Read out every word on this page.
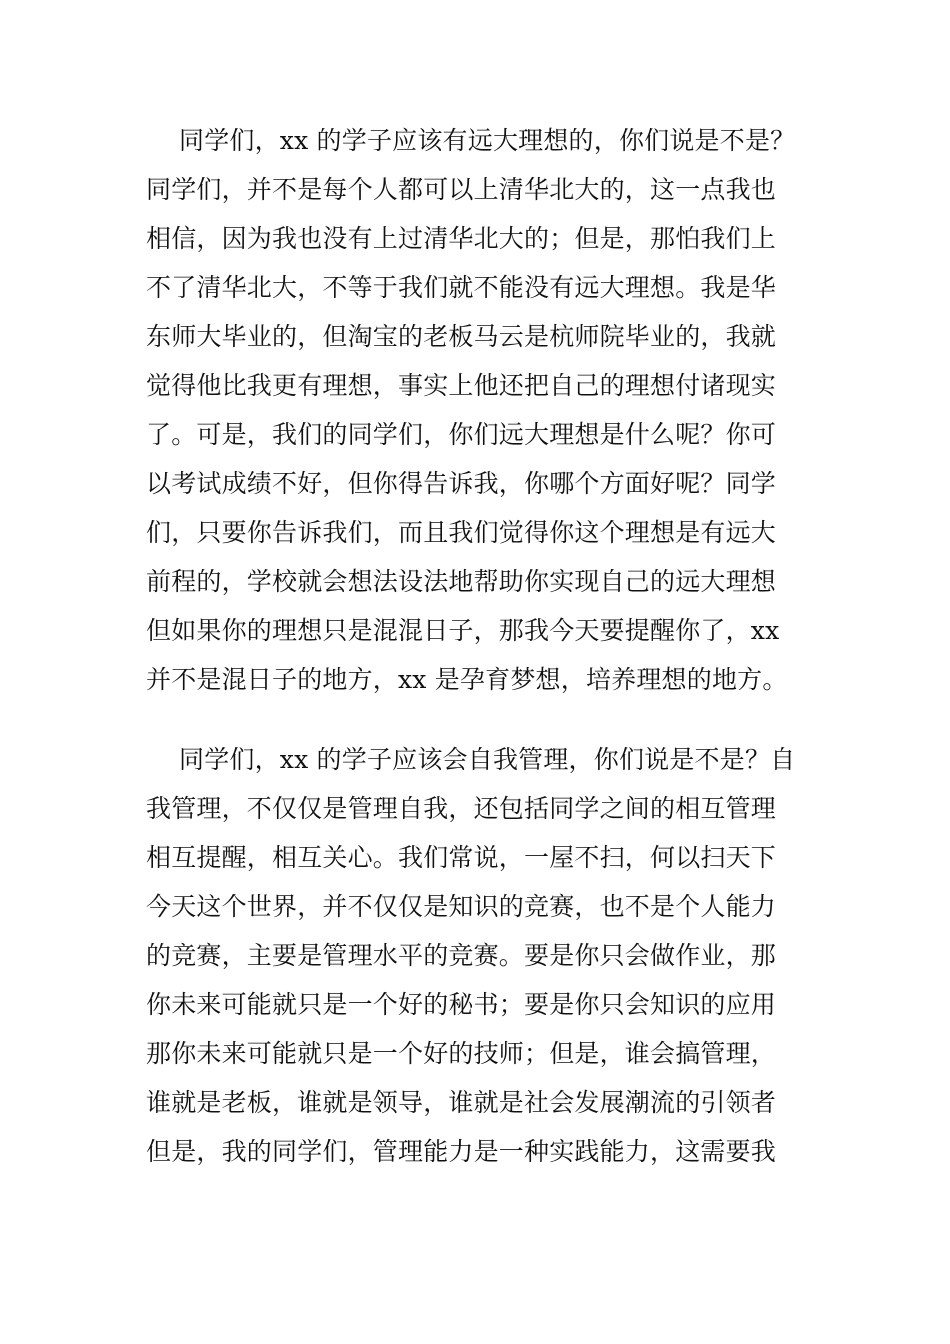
同学们，xx 的学子应该有远大理想的，你们说是不是？
同学们，并不是每个人都可以上清华北大的，这一点我也
相信，因为我也没有上过清华北大的；但是，那怕我们上
不了清华北大，不等于我们就不能没有远大理想。我是华
东师大毕业的，但淘宝的老板马云是杭师院毕业的，我就
觉得他比我更有理想，事实上他还把自己的理想付诸现实
了。可是，我们的同学们，你们远大理想是什么呢？你可
以考试成绩不好，但你得告诉我，你哪个方面好呢？同学
们，只要你告诉我们，而且我们觉得你这个理想是有远大
前程的，学校就会想法设法地帮助你实现自己的远大理想
但如果你的理想只是混混日子，那我今天要提醒你了，xx
并不是混日子的地方，xx 是孕育梦想，培养理想的地方。
同学们，xx 的学子应该会自我管理，你们说是不是？自
我管理，不仅仅是管理自我，还包括同学之间的相互管理
相互提醒，相互关心。我们常说，一屋不扫，何以扫天下
今天这个世界，并不仅仅是知识的竞赛，也不是个人能力
的竞赛，主要是管理水平的竞赛。要是你只会做作业，那
你未来可能就只是一个好的秘书；要是你只会知识的应用
那你未来可能就只是一个好的技师；但是，谁会搞管理，
谁就是老板，谁就是领导，谁就是社会发展潮流的引领者
但是，我的同学们，管理能力是一种实践能力，这需要我
